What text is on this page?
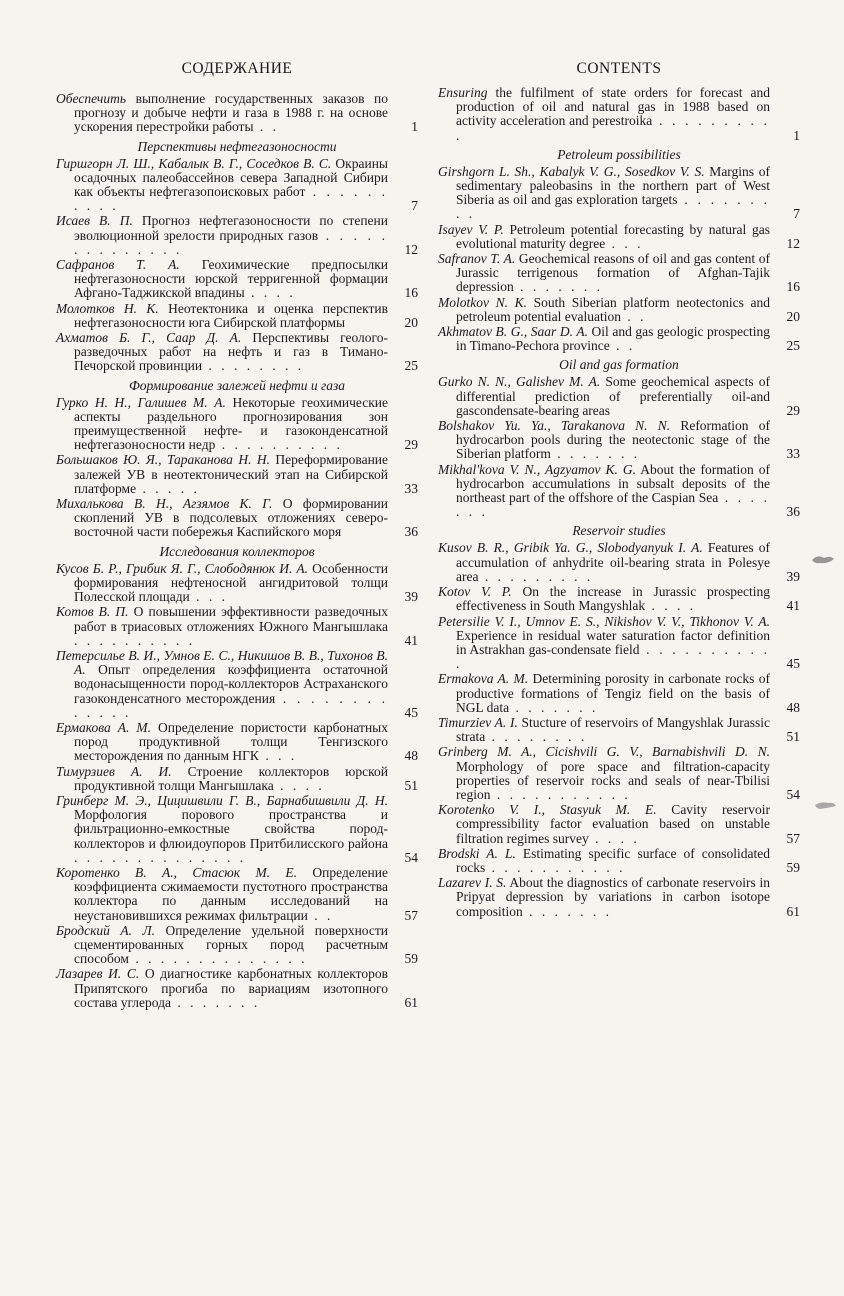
СОДЕРЖАНИЕ
Обеспечить выполнение государственных заказов по прогнозу и добыче нефти и газа в 1988 г. на основе ускорения перестройки работы . .	1
Перспективы нефтегазоносности
Гиршгорн Л. Ш., Кабалык В. Г., Соседков В. С. Окраины осадочных палеобассейнов севера Западной Сибири как объекты нефтегазопоисковых работ . . . . . . . . . .	7
Исаев В. П. Прогноз нефтегазоносности по степени эволюционной зрелости природных газов . . . . . . . . . . . . . .	12
Сафранов Т. А. Геохимические предпосылки нефтегазоносности юрской терригенной формации Афгано-Таджикской впадины . . . .	16
Молотков Н. К. Неотектоника и оценка перспектив нефтегазоносности юга Сибирской платформы	20
Ахматов Б. Г., Саар Д. А. Перспективы геолого-разведочных работ на нефть и газ в Тимано-Печорской провинции . . . . . . . .	25
Формирование залежей нефти и газа
Гурко Н. Н., Галишев М. А. Некоторые геохимические аспекты раздельного прогнозирования зон преимущественной нефте- и газоконденсатной нефтегазоносности недр . . . . . . . . . .	29
Большаков Ю. Я., Тараканова Н. Н. Переформирование залежей УВ в неотектонический этап на Сибирской платформе . . . . .	33
Михалькова В. Н., Агзямов К. Г. О формировании скоплений УВ в подсолевых отложениях северо-восточной части побережья Каспийского моря	36
Исследования коллекторов
Кусов Б. Р., Грибик Я. Г., Слободянюк И. А. Особенности формирования нефтеносной ангидритовой толщи Полесской площади . . .	39
Котов В. П. О повышении эффективности разведочных работ в триасовых отложениях Южного Мангышлака . . . . . . . . . .	41
Петерсилье В. И., Умнов Е. С., Никишов В. В., Тихонов В. А. Опыт определения коэффициента остаточной водонасыщенности пород-коллекторов Астраханского газоконденсатного месторождения . . . . . . . . . . . . .	45
Ермакова А. М. Определение пористости карбонатных пород продуктивной толщи Тенгизского месторождения по данным НГК . . .	48
Тимурзиев А. И. Строение коллекторов юрской продуктивной толщи Мангышлака . . . .	51
Гринберг М. Э., Цицишвили Г. В., Барнабишвили Д. Н. Морфология порового пространства и фильтрационно-емкостные свойства пород-коллекторов и флюидоупоров Притбилисского района . . . . . . . . . . . . . .	54
Коротенко В. А., Стасюк М. Е. Определение коэффициента сжимаемости пустотного пространства коллектора по данным исследований на неустановившихся режимах фильтрации . .	57
Бродский А. Л. Определение удельной поверхности сцементированных горных пород расчетным способом . . . . . . . . . . . . . .	59
Лазарев И. С. О диагностике карбонатных коллекторов Припятского прогиба по вариациям изотопного состава углерода . . . . . . .	61
CONTENTS
Ensuring the fulfilment of state orders for forecast and production of oil and natural gas in 1988 based on activity acceleration and perestroika . . . . . . . . . .	1
Petroleum possibilities
Girshgorn L. Sh., Kabalyk V. G., Sosedkov V. S. Margins of sedimentary paleobasins in the northern part of West Siberia as oil and gas exploration targets . . . . . . . . .	7
Isayev V. P. Petroleum potential forecasting by natural gas evolutional maturity degree . . .	12
Safranov T. A. Geochemical reasons of oil and gas content of Jurassic terrigenous formation of Afghan-Tajik depression . . . . . . .	16
Molotkov N. K. South Siberian platform neotectonics and petroleum potential evaluation . .	20
Akhmatov B. G., Saar D. A. Oil and gas geologic prospecting in Timano-Pechora province . .	25
Oil and gas formation
Gurko N. N., Galishev M. A. Some geochemical aspects of differential prediction of preferentially oil-and gascondensate-bearing areas	29
Bolshakov Yu. Ya., Tarakanova N. N. Reformation of hydrocarbon pools during the neotectonic stage of the Siberian platform . . . . . . .	33
Mikhal'kova V. N., Agzyamov K. G. About the formation of hydrocarbon accumulations in subsalt deposits of the northeast part of the offshore of the Caspian Sea . . . . . . .	36
Reservoir studies
Kusov B. R., Gribik Ya. G., Slobodyanyuk I. A. Features of accumulation of anhydrite oil-bearing strata in Polesye area . . . . . . . . .	39
Kotov V. P. On the increase in Jurassic prospecting effectiveness in South Mangyshlak . . . .	41
Petersilie V. I., Umnov E. S., Nikishov V. V., Tikhonov V. A. Experience in residual water saturation factor definition in Astrakhan gas-condensate field . . . . . . . . . . .	45
Ermakova A. M. Determining porosity in carbonate rocks of productive formations of Tengiz field on the basis of NGL data . . . . . . .	48
Timurziev A. I. Stucture of reservoirs of Mangyshlak Jurassic strata . . . . . . . .	51
Grinberg M. A., Cicishvili G. V., Barnabishvili D. N. Morphology of pore space and filtration-capacity properties of reservoir rocks and seals of near-Tbilisi region . . . . . . . . . . .	54
Korotenko V. I., Stasyuk M. E. Cavity reservoir compressibility factor evaluation based on unstable filtration regimes survey . . . .	57
Brodski A. L. Estimating specific surface of consolidated rocks . . . . . . . . . . .	59
Lazarev I. S. About the diagnostics of carbonate reservoirs in Pripyat depression by variations in carbon isotope composition . . . . . . .	61
